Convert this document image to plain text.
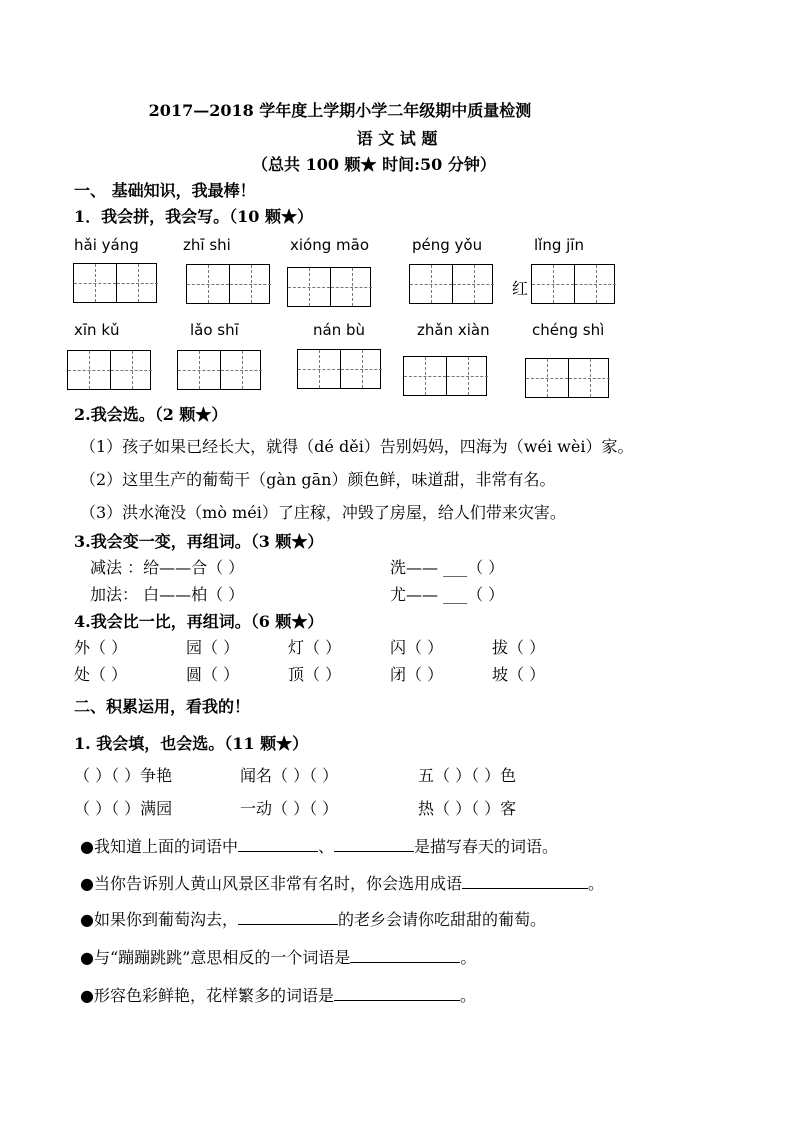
2017—2018 学年度上学期小学二年级期中质量检测
语 文 试 题
（总共 100 颗★ 时间:50 分钟）
一、 基础知识，我最棒！
1．我会拼，我会写。（10 颗★）
hǎi yáng	zhī shi	xióng māo	péng yǒu	lǐng jīn
红
xīn kǔ	lǎo shī	nán bù	zhǎn xiàn	chéng shì
2.我会选。（2 颗★）
（1）孩子如果已经长大，就得（dé děi）告别妈妈，四海为（wéi wèi）家。
（2）这里生产的葡萄干（gàn gān）颜色鲜，味道甜，非常有名。
（3）洪水淹没（mò méi）了庄稼，冲毁了房屋，给人们带来灾害。
3.我会变一变，再组词。（3 颗★）
减法 ：给——合（ ）	洗—— ___（ ）
加法： 白——柏（ ）	尤—— ___（ ）
4.我会比一比，再组词。（6 颗★）
外（ ）	园（ ）	灯（ ）	闪（ ）	拔（ ）
处（ ）	圆（ ）	顶（ ）	闭（ ）	坡（ ）
二、积累运用，看我的！
1. 我会填，也会选。（11 颗★）
（ ）（ ）争艳	闻名（ ）（ ）	五（ ）（ ）色
（ ）（ ）满园	一动（ ）（ ）	热（ ）（ ）客
●我知道上面的词语中	、	是描写春天的词语。
●当你告诉别人黄山风景区非常有名时，你会选用成语	。
●如果你到葡萄沟去，	的老乡会请你吃甜甜的葡萄。
●与“蹦蹦跳跳”意思相反的一个词语是	。
●形容色彩鲜艳，花样繁多的词语是	。
